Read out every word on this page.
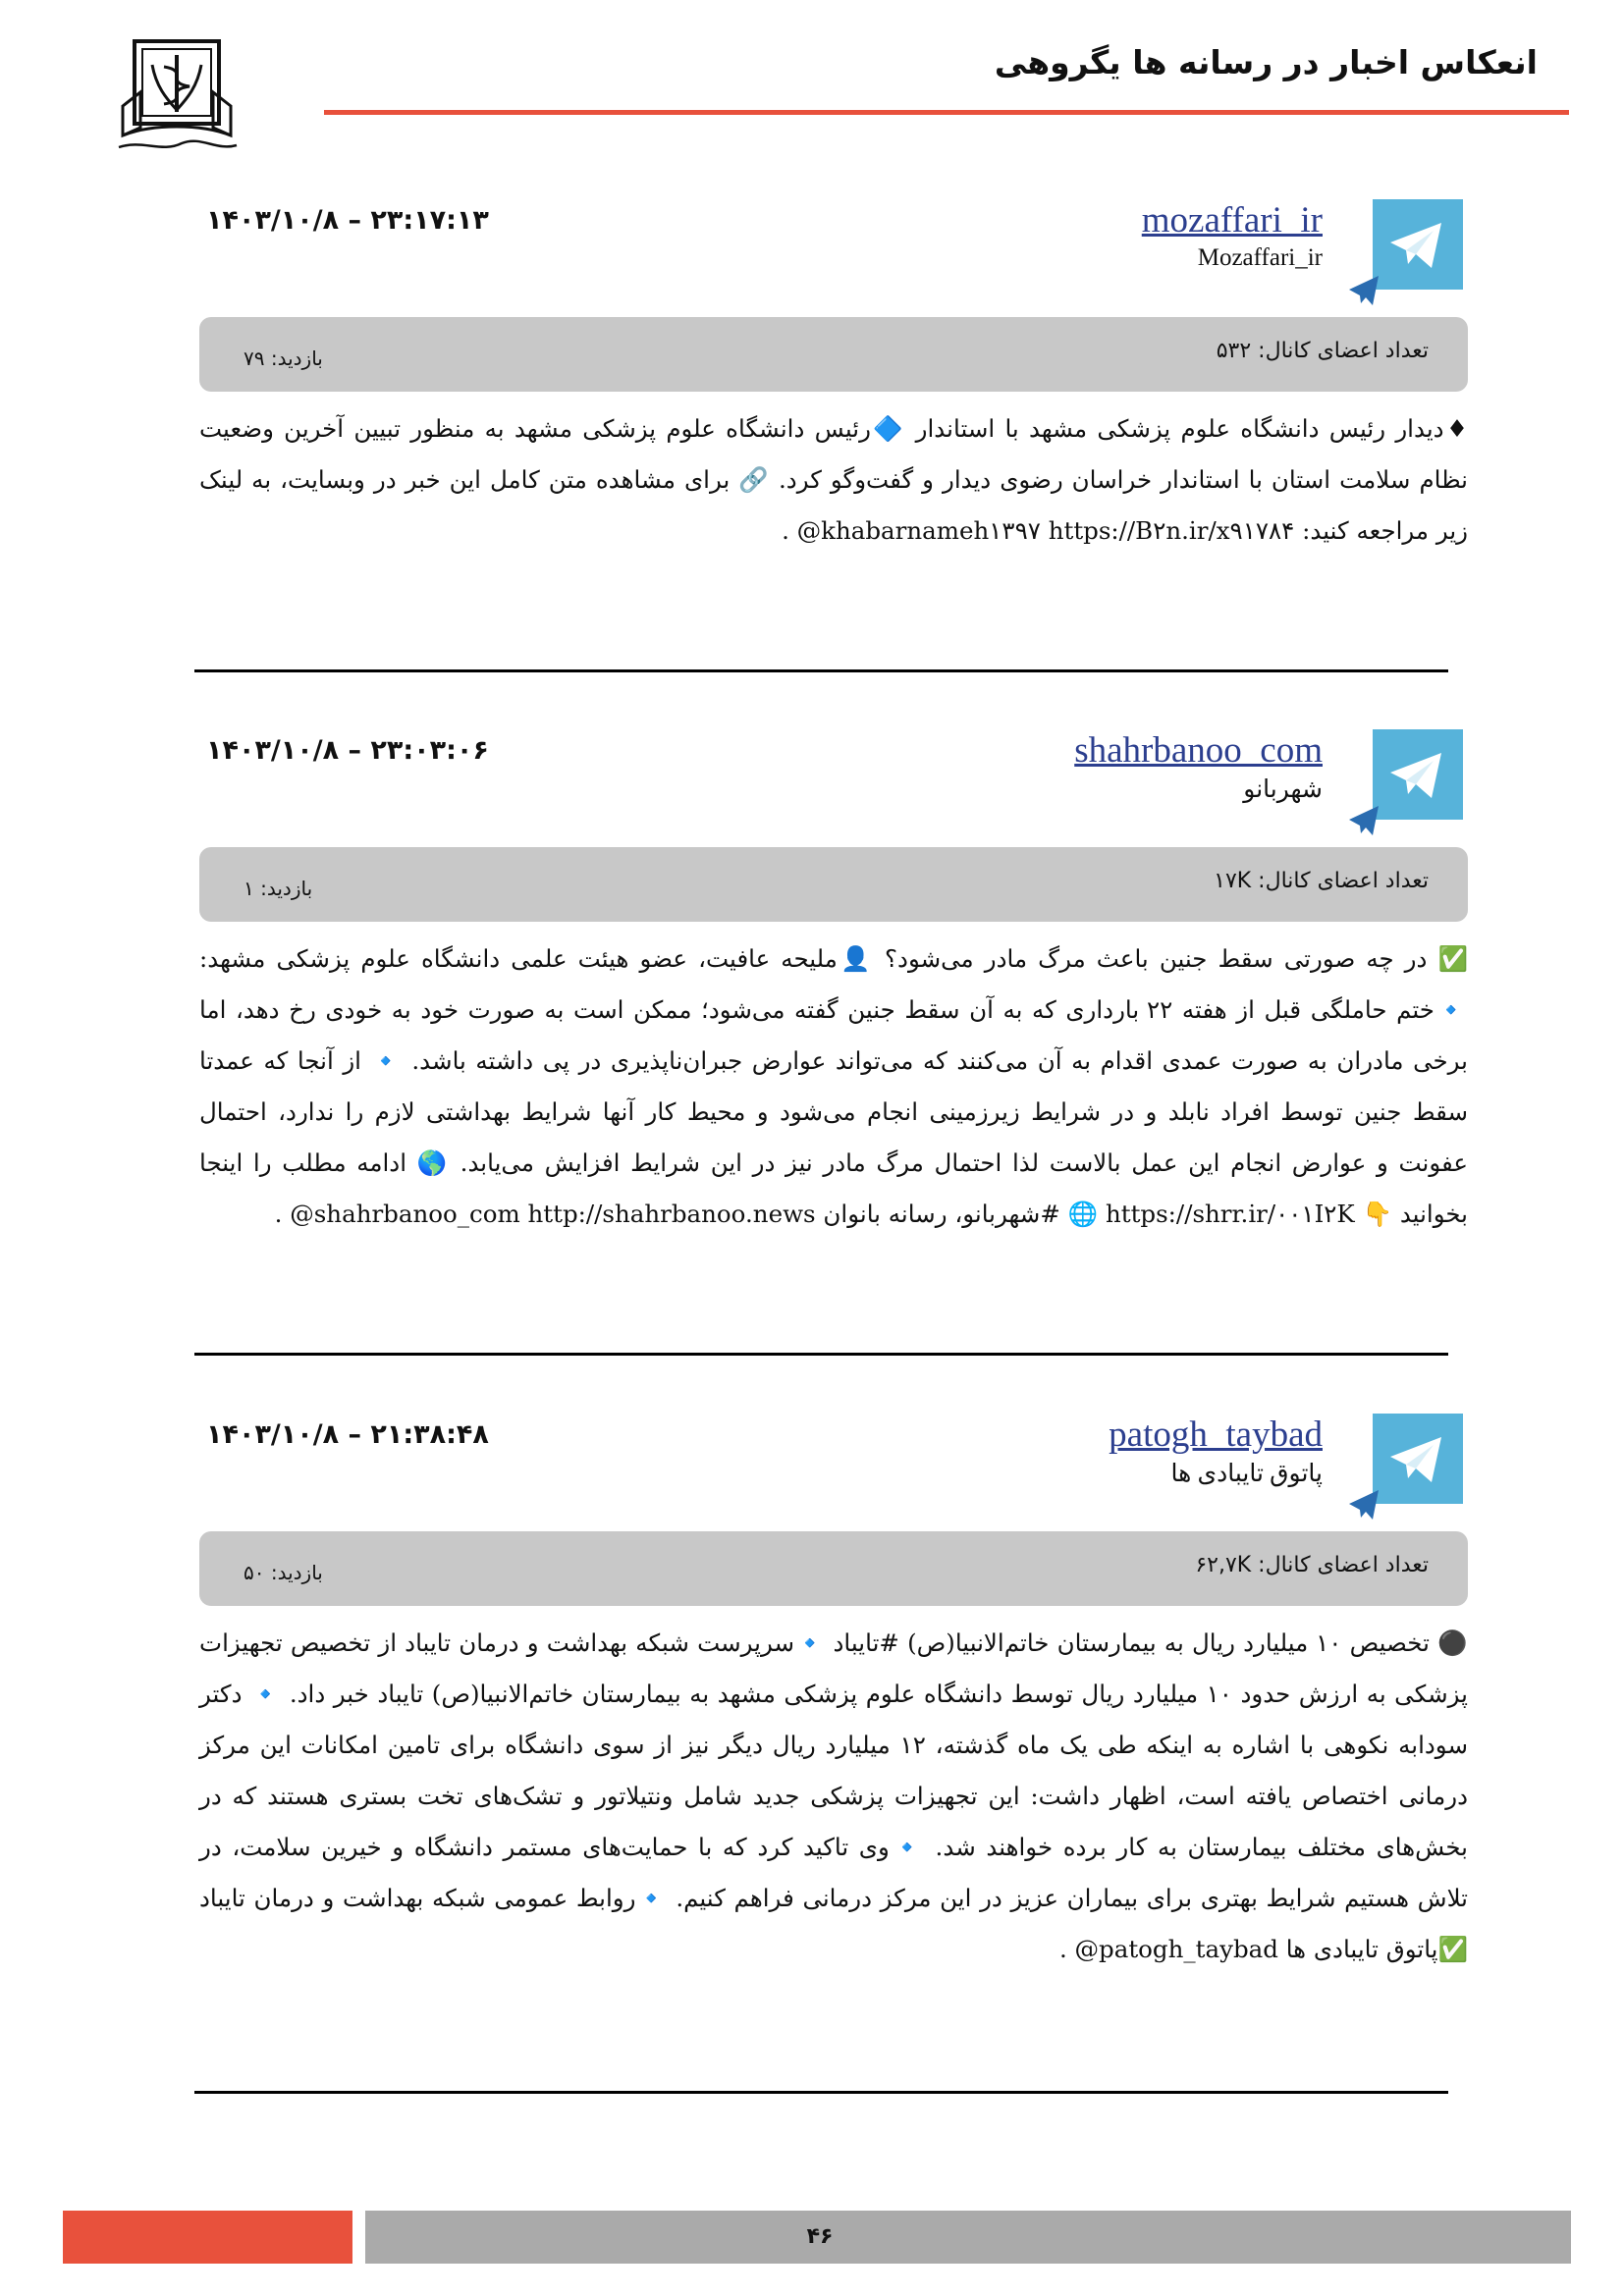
انعکاس اخبار در رسانه ها یگروهی
mozaffari_ir
Mozaffari_ir
۱۴۰۳/۱۰/۸ – ۲۳:۱۷:۱۳
تعداد اعضای کانال: ۵۳۲
بازدید: ۷۹
♦دیدار رئیس دانشگاه علوم پزشکی مشهد با استاندار 🔷رئیس دانشگاه علوم پزشکی مشهد به منظور تبیین آخرین وضعیت نظام سلامت استان با استاندار خراسان رضوی دیدار و گفت‌وگو کرد. 🔗 برای مشاهده متن کامل این خبر در وبسایت، به لینک زیر مراجعه کنید: ‎@khabarnameh۱۳۹۷ https://B۲n.ir/x۹۱۷۸۴ .
shahrbanoo_com
شهربانو
۱۴۰۳/۱۰/۸ – ۲۳:۰۳:۰۶
تعداد اعضای کانال: ۱۷K
بازدید: ۱
✅ در چه صورتی سقط جنین باعث مرگ مادر می‌شود؟ 👤ملیحه عافیت، عضو هیئت علمی دانشگاه علوم پزشکی مشهد: 🔹ختم حاملگی قبل از هفته ۲۲ بارداری که به آن سقط جنین گفته می‌شود؛ ممکن است به صورت خود به خودی رخ دهد، اما برخی مادران به صورت عمدی اقدام به آن می‌کنند که می‌تواند عوارض جبران‌ناپذیری در پی داشته باشد. 🔹 از آنجا که عمدتا سقط جنین توسط افراد نابلد و در شرایط زیرزمینی انجام می‌شود و محیط کار آنها شرایط بهداشتی لازم را ندارد، احتمال عفونت و عوارض انجام این عمل بالاست لذا احتمال مرگ مادر نیز در این شرایط افزایش می‌یابد. 🌎 ادامه مطلب را اینجا بخوانید 👇 https://shrr.ir/۰۰۱I۲K 🌐 #شهربانو، رسانه بانوان ‎@shahrbanoo_com http://shahrbanoo.news .
patogh_taybad
پاتوق تایبادی ها
۱۴۰۳/۱۰/۸ – ۲۱:۳۸:۴۸
تعداد اعضای کانال: ۶۲,۷K
بازدید: ۵۰
⚫ تخصیص ۱۰ میلیارد ریال به بیمارستان خاتم‌الانبیا(ص) #تایباد 🔹سرپرست شبکه بهداشت و درمان تایباد از تخصیص تجهیزات پزشکی به ارزش حدود ۱۰ میلیارد ریال توسط دانشگاه علوم پزشکی مشهد به بیمارستان خاتم‌الانبیا(ص) تایباد خبر داد. 🔹 دکتر سودابه نکوهی با اشاره به اینکه طی یک ماه گذشته، ۱۲ میلیارد ریال دیگر نیز از سوی دانشگاه برای تامین امکانات این مرکز درمانی اختصاص یافته است، اظهار داشت: این تجهیزات پزشکی جدید شامل ونتیلاتور و تشک‌های تخت بستری هستند که در بخش‌های مختلف بیمارستان به کار برده خواهند شد. 🔹وی تاکید کرد که با حمایت‌های مستمر دانشگاه و خیرین سلامت، در تلاش هستیم شرایط بهتری برای بیماران عزیز در این مرکز درمانی فراهم کنیم. 🔹روابط عمومی شبکه بهداشت و درمان تایباد ✅پاتوق تایبادی ها ‎@patogh_taybad .
۴۶
